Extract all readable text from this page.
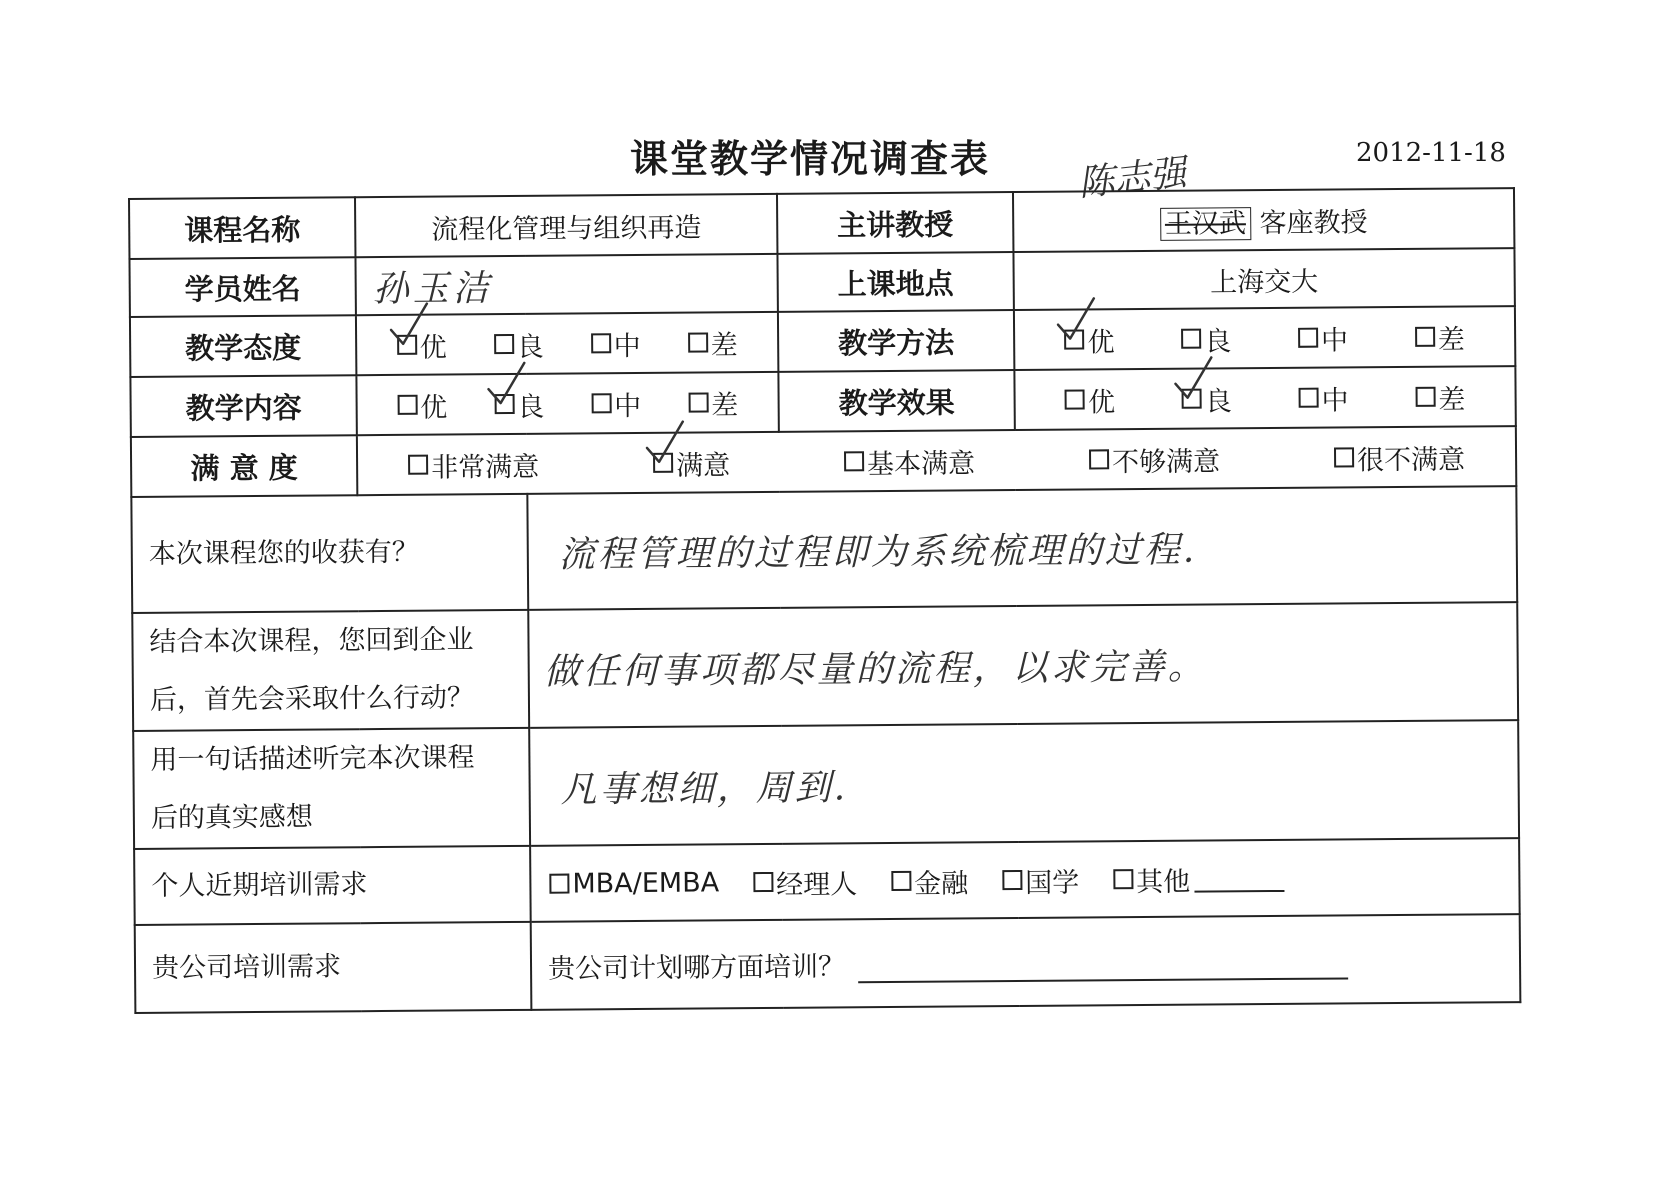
课堂教学情况调查表	2012-11-18
陈志强
课程名称	流程化管理与组织再造		主讲教授	王汉武 客座教授
学员姓名	孙玉洁		上课地点	上海交大
教学态度	优 良 中 差		教学方法	优 良 中 差

教学内容	优 良 中 差		教学效果	优 良 中 差

满 意 度	非常满意 满意 基本满意 不够满意 很不满意			

本次课程您的收获有？		流程管理的过程即为系统梳理的过程.		

结合本次课程，您回到企业
后，首先会采取什么行动？		做任何事项都尽量的流程，以求完善。		

用一句话描述听完本次课程
后的真实感想		凡事想细，周到.		

个人近期培训需求		MBA/EMBA 经理人 金融 国学 其他		

贵公司培训需求		贵公司计划哪方面培训？		
